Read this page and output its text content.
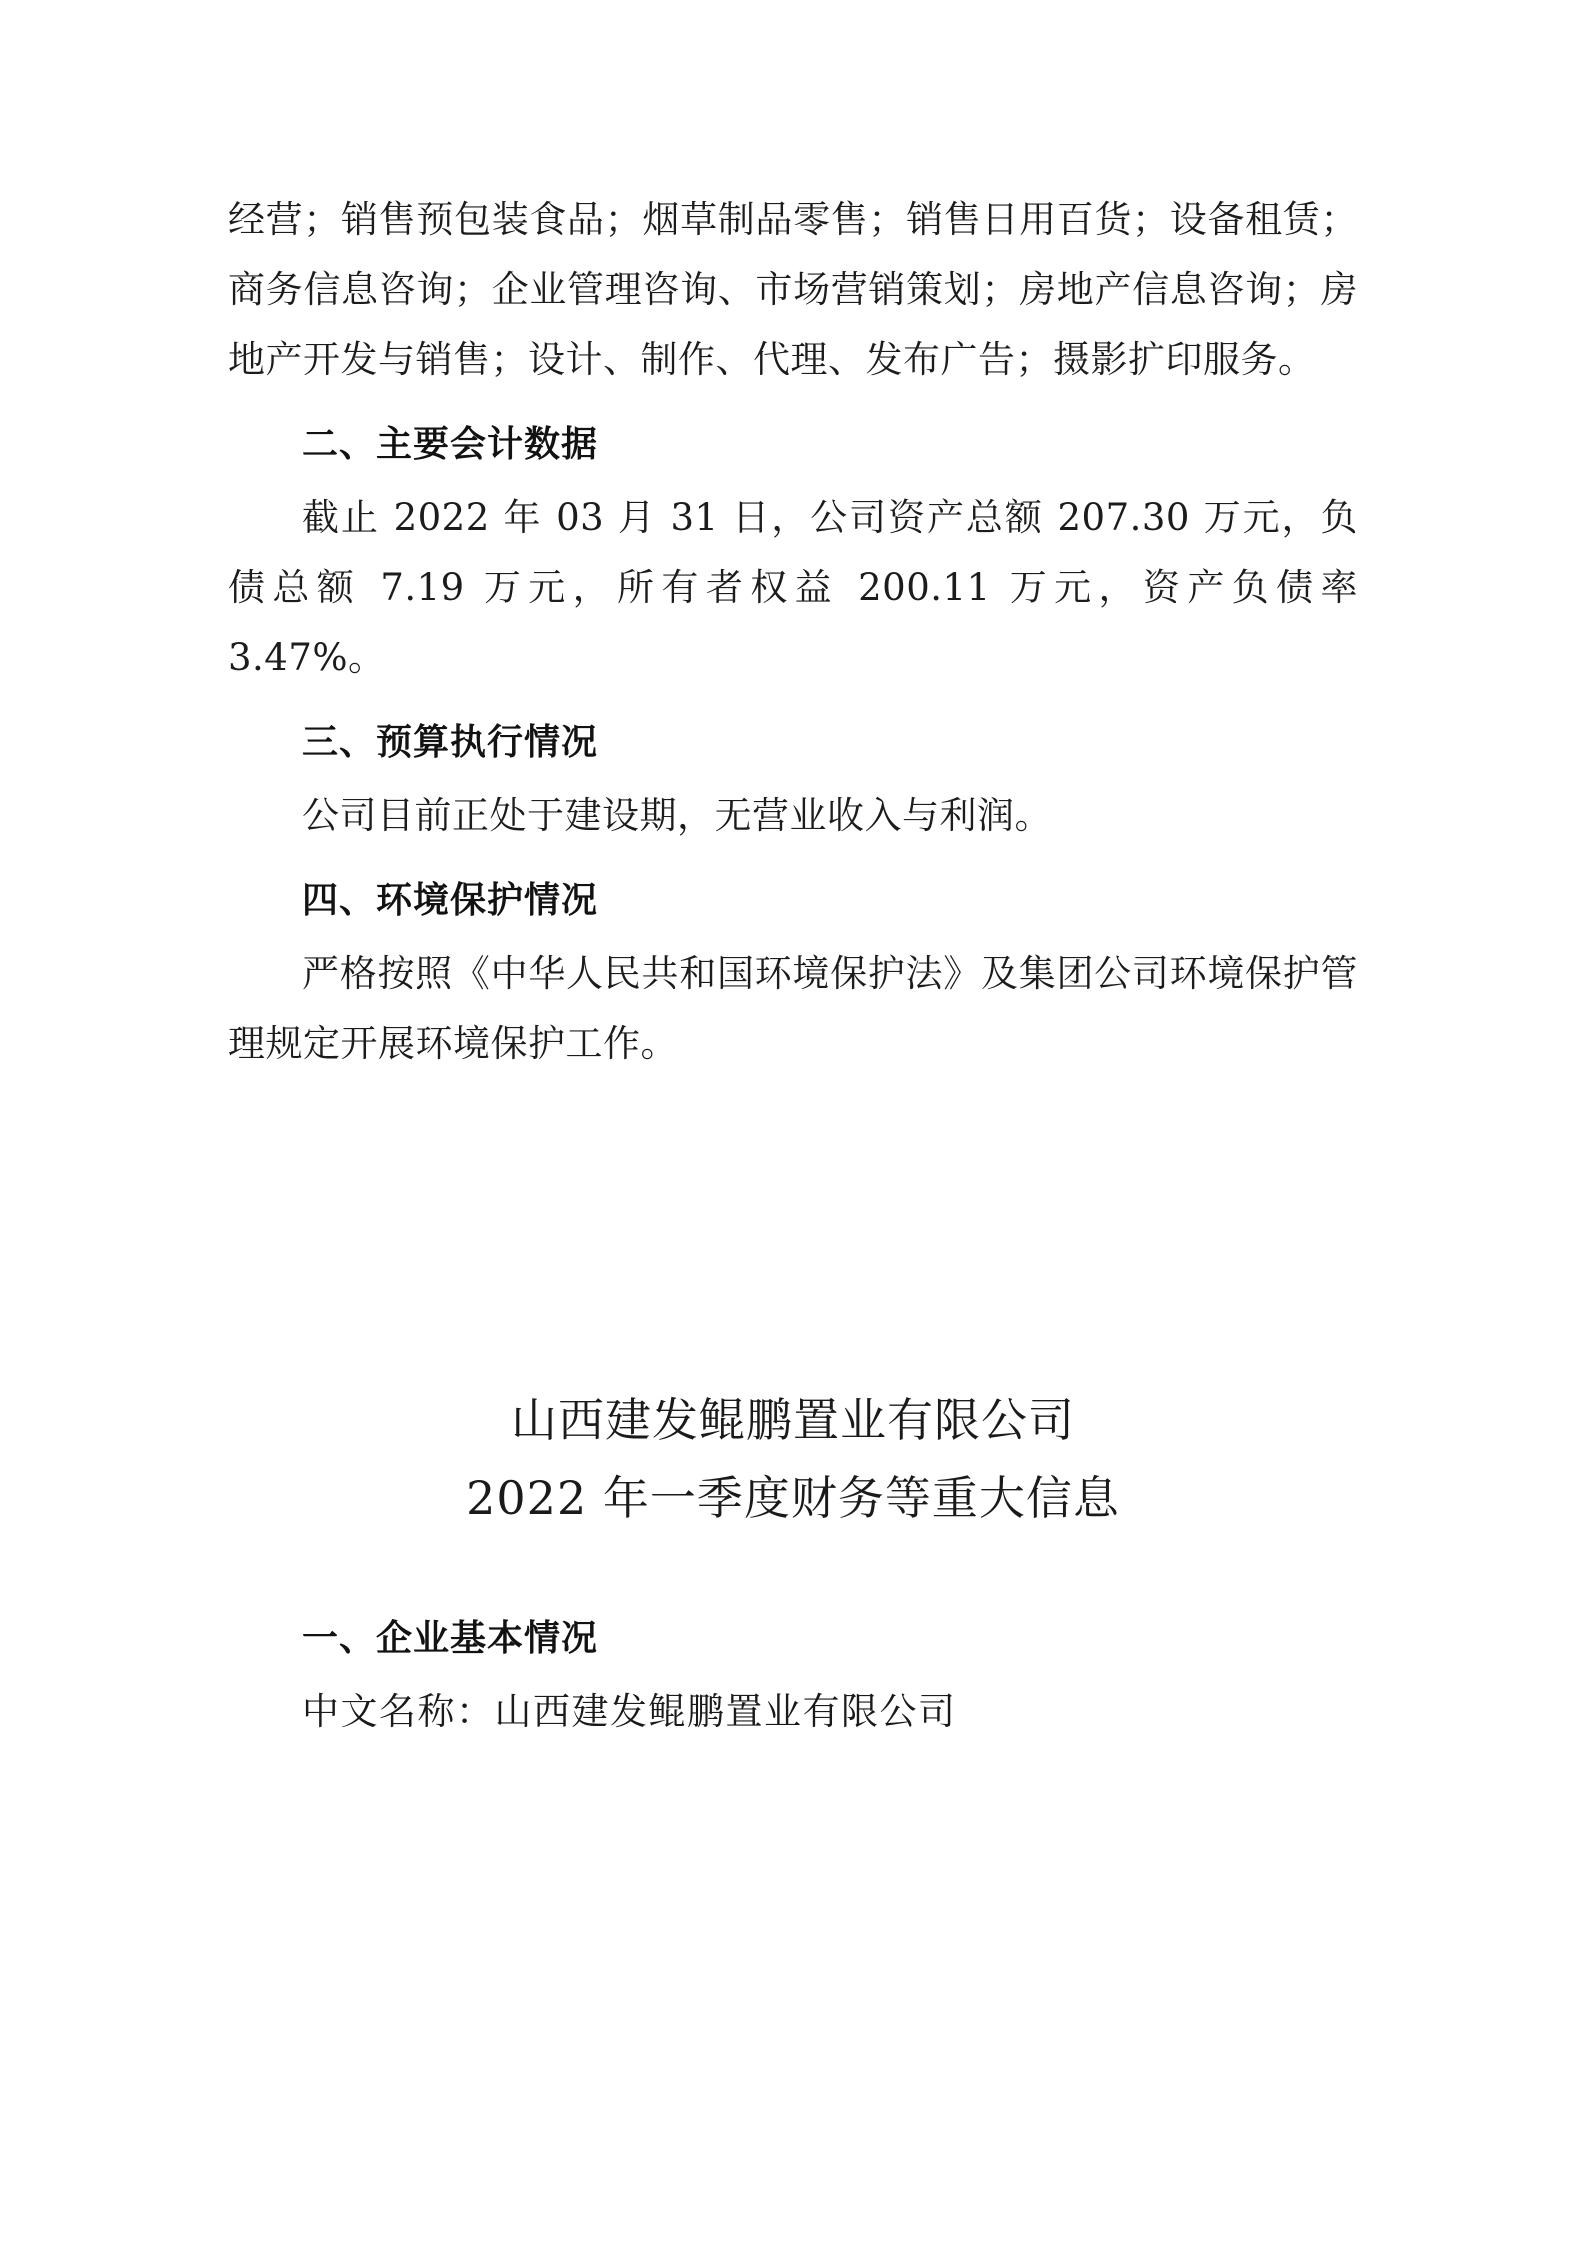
经营；销售预包装食品；烟草制品零售；销售日用百货；设备租赁；商务信息咨询；企业管理咨询、市场营销策划；房地产信息咨询；房地产开发与销售；设计、制作、代理、发布广告；摄影扩印服务。

二、主要会计数据

截止 2022 年 03 月 31 日，公司资产总额 207.30 万元，负债总额 7.19 万元，所有者权益 200.11 万元，资产负债率 3.47%。

三、预算执行情况

公司目前正处于建设期，无营业收入与利润。

四、环境保护情况

严格按照《中华人民共和国环境保护法》及集团公司环境保护管理规定开展环境保护工作。

山西建发鲲鹏置业有限公司
2022 年一季度财务等重大信息
一、企业基本情况

中文名称：山西建发鲲鹏置业有限公司
